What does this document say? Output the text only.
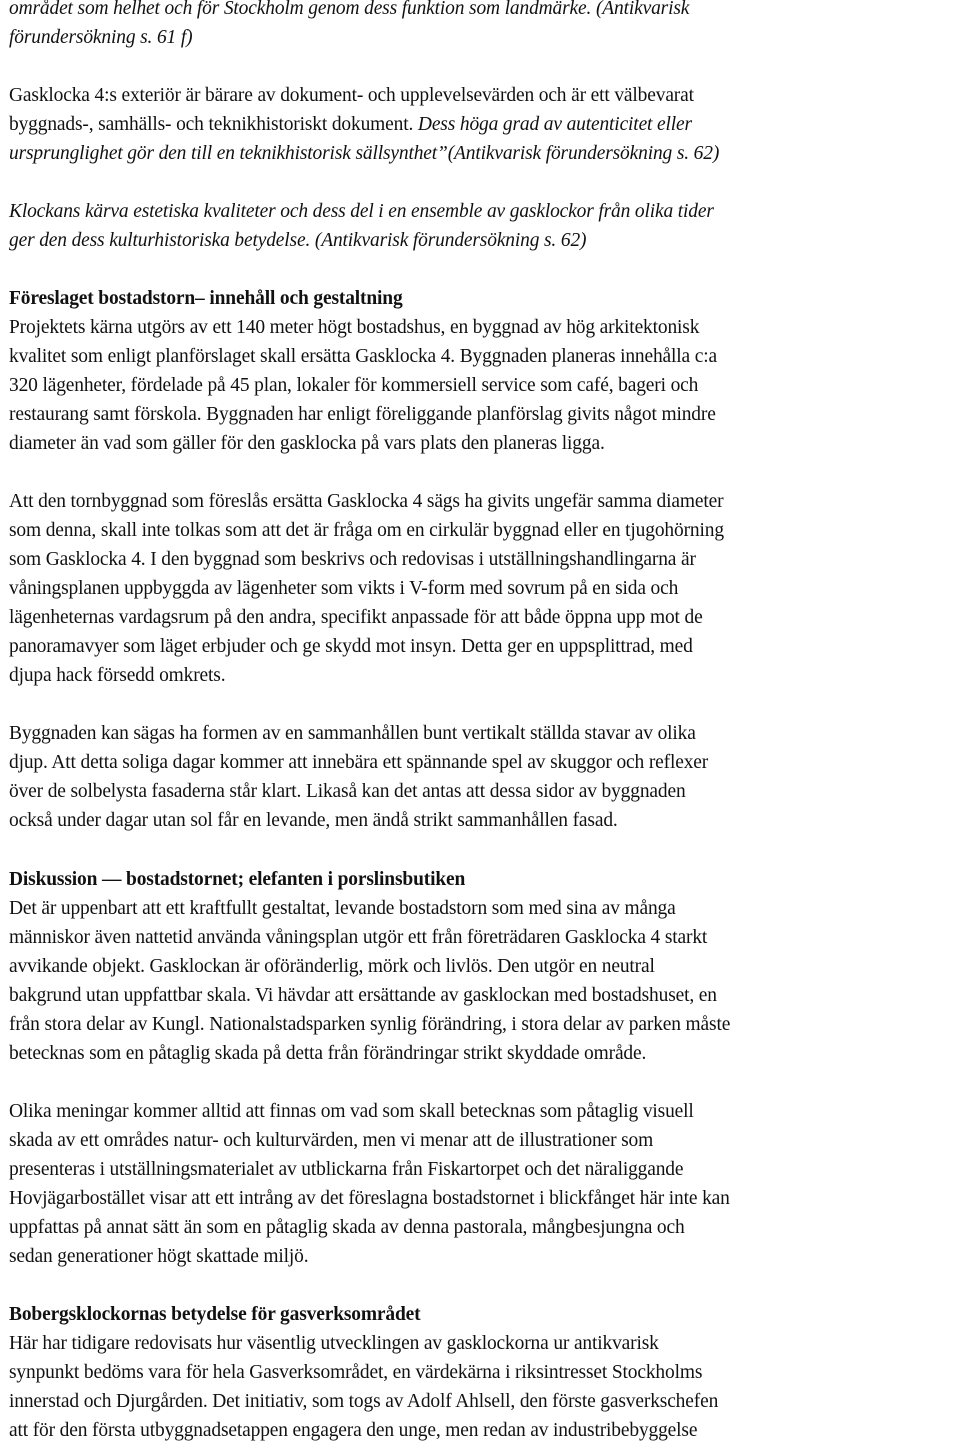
området som helhet och för Stockholm genom dess funktion som landmärke. (Antikvarisk
förundersökning s. 61 f)

Gasklocka 4:s exteriör är bärare av dokument- och upplevelsevärden och är ett välbevarat
byggnads-, samhälls- och teknikhistoriskt dokument. Dess höga grad av autenticitet eller
ursprunglighet gör den till en teknikhistorisk sällsynthet”(Antikvarisk förundersökning s. 62)

Klockans kärva estetiska kvaliteter och dess del i en ensemble av gasklockor från olika tider
ger den dess kulturhistoriska betydelse. (Antikvarisk förundersökning s. 62)

Föreslaget bostadstorn– innehåll och gestaltning
Projektets kärna utgörs av ett 140 meter högt bostadshus, en byggnad av hög arkitektonisk
kvalitet som enligt planförslaget skall ersätta Gasklocka 4. Byggnaden planeras innehålla c:a
320 lägenheter, fördelade på 45 plan, lokaler för kommersiell service som café, bageri och
restaurang samt förskola. Byggnaden har enligt föreliggande planförslag givits något mindre
diameter än vad som gäller för den gasklocka på vars plats den planeras ligga.

Att den tornbyggnad som föreslås ersätta Gasklocka 4 sägs ha givits ungefär samma diameter
som denna, skall inte tolkas som att det är fråga om en cirkulär byggnad eller en tjugohörning
som Gasklocka 4. I den byggnad som beskrivs och redovisas i utställningshandlingarna är
våningsplanen uppbyggda av lägenheter som vikts i V-form med sovrum på en sida och
lägenheternas vardagsrum på den andra, specifikt anpassade för att både öppna upp mot de
panoramavyer som läget erbjuder och ge skydd mot insyn. Detta ger en uppsplittrad, med
djupa hack försedd omkrets.

Byggnaden kan sägas ha formen av en sammanhållen bunt vertikalt ställda stavar av olika
djup. Att detta soliga dagar kommer att innebära ett spännande spel av skuggor och reflexer
över de solbelysta fasaderna står klart. Likaså kan det antas att dessa sidor av byggnaden
också under dagar utan sol får en levande, men ändå strikt sammanhållen fasad.

Diskussion — bostadstornet; elefanten i porslinsbutiken
Det är uppenbart att ett kraftfullt gestaltat, levande bostadstorn som med sina av många
människor även nattetid använda våningsplan utgör ett från företrädaren Gasklocka 4 starkt
avvikande objekt. Gasklockan är oföränderlig, mörk och livlös. Den utgör en neutral
bakgrund utan uppfattbar skala. Vi hävdar att ersättande av gasklockan med bostadshuset, en
från stora delar av Kungl. Nationalstadsparken synlig förändring, i stora delar av parken måste
betecknas som en påtaglig skada på detta från förändringar strikt skyddade område.

Olika meningar kommer alltid att finnas om vad som skall betecknas som påtaglig visuell
skada av ett områdes natur- och kulturvärden, men vi menar att de illustrationer som
presenteras i utställningsmaterialet av utblickarna från Fiskartorpet och det näraliggande
Hovjägarbostället visar att ett intrång av det föreslagna bostadstornet i blickfånget här inte kan
uppfattas på annat sätt än som en påtaglig skada av denna pastorala, mångbesjungna och
sedan generationer högt skattade miljö.

Bobergsklockornas betydelse för gasverksområdet
Här har tidigare redovisats hur väsentlig utvecklingen av gasklockorna ur antikvarisk
synpunkt bedöms vara för hela Gasverksområdet, en värdekärna i riksintresset Stockholms
innerstad och Djurgården. Det initiativ, som togs av Adolf Ahlsell, den förste gasverkschefen
att för den första utbyggnadsetappen engagera den unge, men redan av industribebyggelse
